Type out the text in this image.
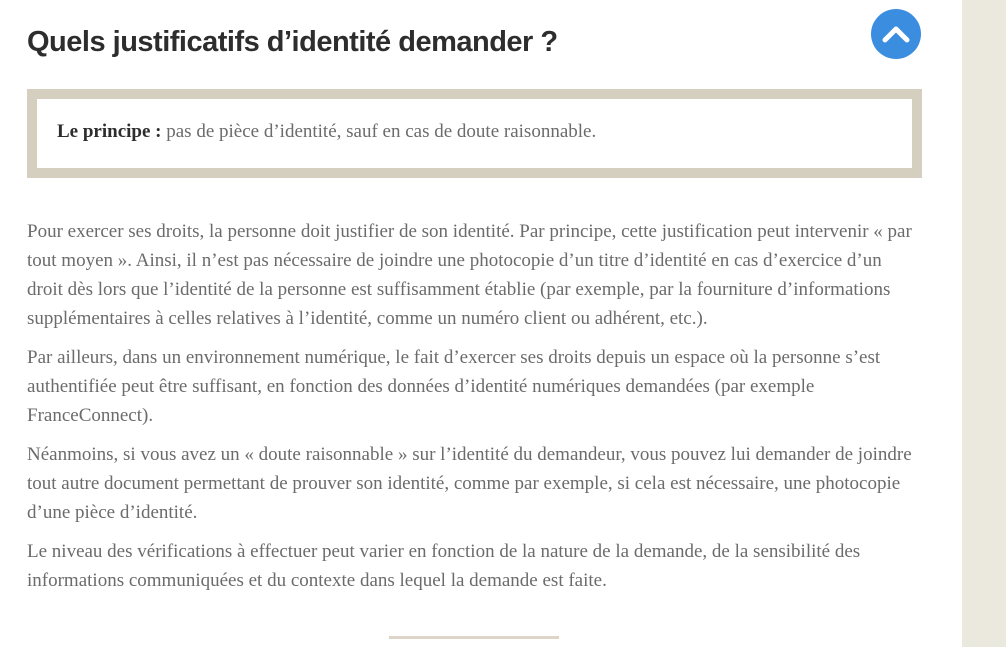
Quels justificatifs d’identité demander ?
Le principe : pas de pièce d’identité, sauf en cas de doute raisonnable.

Pour exercer ses droits, la personne doit justifier de son identité. Par principe, cette justification peut intervenir « par tout moyen ». Ainsi, il n’est pas nécessaire de joindre une photocopie d’un titre d’identité en cas d’exercice d’un droit dès lors que l’identité de la personne est suffisamment établie (par exemple, par la fourniture d’informations supplémentaires à celles relatives à l’identité, comme un numéro client ou adhérent, etc.).

Par ailleurs, dans un environnement numérique, le fait d’exercer ses droits depuis un espace où la personne s’est authentifiée peut être suffisant, en fonction des données d’identité numériques demandées (par exemple FranceConnect).

Néanmoins, si vous avez un « doute raisonnable » sur l’identité du demandeur, vous pouvez lui demander de joindre tout autre document permettant de prouver son identité, comme par exemple, si cela est nécessaire, une photocopie d’une pièce d’identité.

Le niveau des vérifications à effectuer peut varier en fonction de la nature de la demande, de la sensibilité des informations communiquées et du contexte dans lequel la demande est faite.
